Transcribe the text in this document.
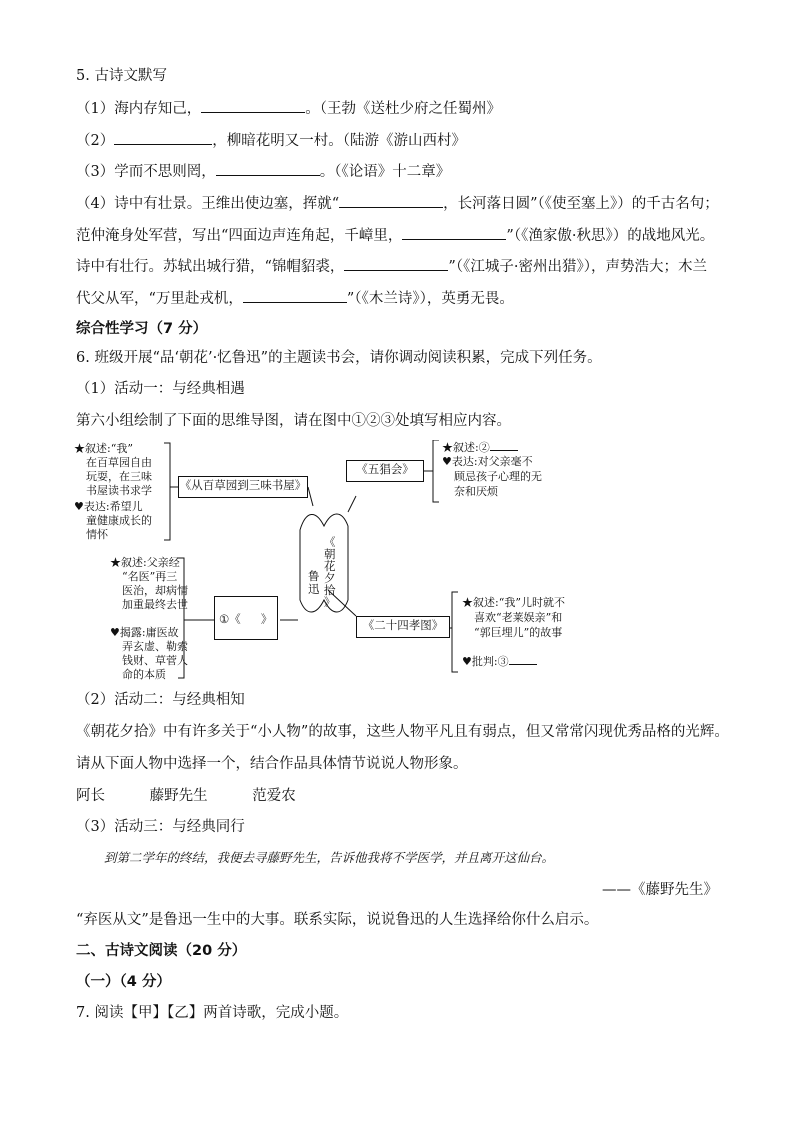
5. 古诗文默写
（1）海内存知己，	。（王勃《送杜少府之任蜀州》
（2）	，柳暗花明又一村。（陆游《游山西村》
（3）学而不思则罔，	。（《论语》十二章》
（4）诗中有壮景。王维出使边塞，挥就“	，长河落日圆”（《使至塞上》）的千古名句；
范仲淹身处军营，写出“四面边声连角起，千嶂里，	”（《渔家傲·秋思》）的战地风光。
诗中有壮行。苏轼出城行猎，“锦帽貂裘，	”（《江城子·密州出猎》），声势浩大；木兰
代父从军，“万里赴戎机，	”（《木兰诗》），英勇无畏。
综合性学习（7 分）
6. 班级开展“品‘朝花’·忆鲁迅”的主题读书会，请你调动阅读积累，完成下列任务。
（1）活动一：与经典相遇
第六小组绘制了下面的思维导图，请在图中①②③处填写相应内容。
★叙述:“我”
在百草园自由
玩耍，在三味
书屋读书求学
♥表达:希望儿
童健康成长的
情怀
《从百草园到三味书屋》
《五猖会》
★叙述:②
♥表达:对父亲毫不
顾忌孩子心理的无
奈和厌烦
《
朝
花
夕
拾
》
鲁
迅
★叙述:父亲经
“名医”再三
医治，却病情
加重最终去世
♥揭露:庸医故
弄玄虚、勒索
钱财、草菅人
命的本质
①《 》	《二十四孝图》
★叙述:“我”儿时就不
喜欢“老莱娱亲”和
“郭巨埋儿”的故事
♥批判:③
（2）活动二：与经典相知
《朝花夕拾》中有许多关于“小人物”的故事，这些人物平凡且有弱点，但又常常闪现优秀品格的光辉。
请从下面人物中选择一个，结合作品具体情节说说人物形象。
阿长	藤野先生	范爱农
（3）活动三：与经典同行
到第二学年的终结，我便去寻藤野先生，告诉他我将不学医学，并且离开这仙台。
——《藤野先生》
“弃医从文”是鲁迅一生中的大事。联系实际，说说鲁迅的人生选择给你什么启示。
二、古诗文阅读（20 分）
（一）（4 分）
7. 阅读【甲】【乙】两首诗歌，完成小题。
